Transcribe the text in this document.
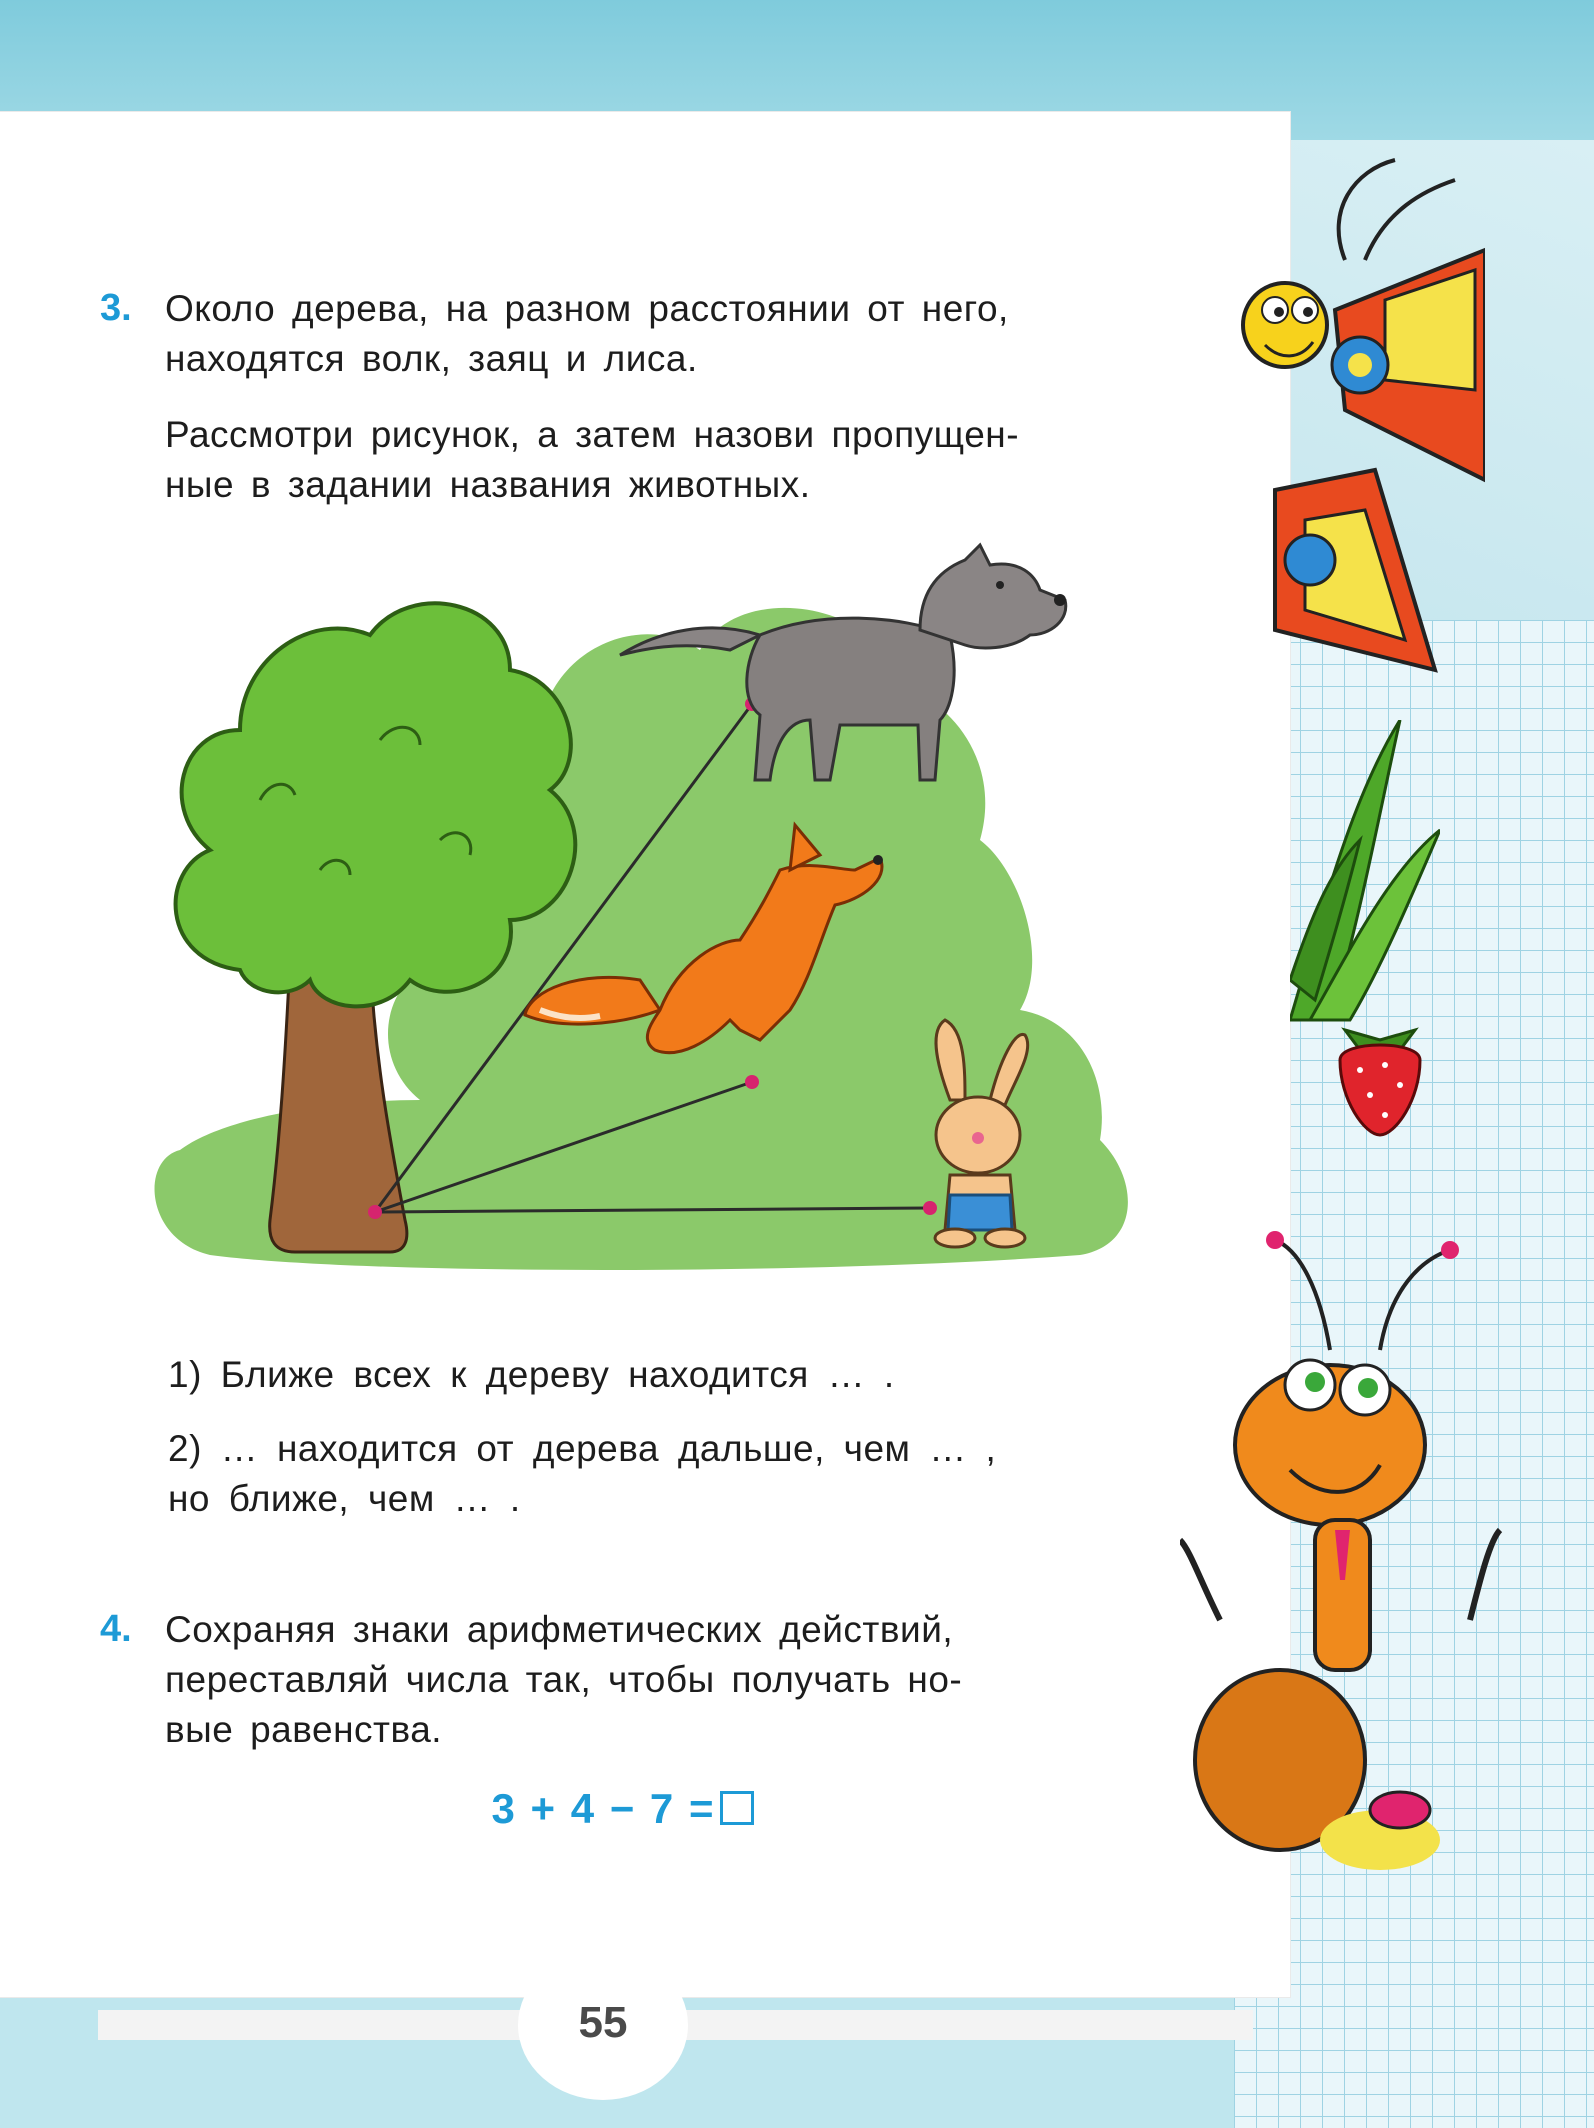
3. Около дерева, на разном расстоянии от него,
находятся волк, заяц и лиса.
Рассмотри рисунок, а затем назови пропущен-
ные в задании названия животных.
1) Ближе всех к дереву находится … .
2) … находится от дерева дальше, чем … ,
но ближе, чем … .
4. Сохраняя знаки арифметических действий,
переставляй числа так, чтобы получать но-
вые равенства.
3 + 4 − 7 =
55
